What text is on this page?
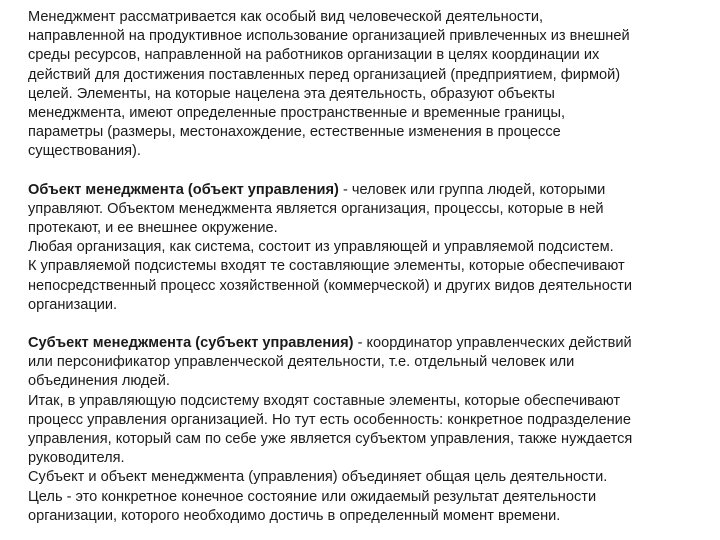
Менеджмент рассматривается как особый вид человеческой деятельности,
направленной на продуктивное использование организацией привлеченных из внешней
среды ресурсов, направленной на работников организации в целях координации их
действий для достижения поставленных перед организацией (предприятием, фирмой)
целей. Элементы, на которые нацелена эта деятельность, образуют объекты
менеджмента, имеют определенные пространственные и временные границы,
параметры (размеры, местонахождение, естественные изменения в процессе
существования).
Объект менеджмента (объект управления) - человек или группа людей, которыми
управляют. Объектом менеджмента является организация, процессы, которые в ней
протекают, и ее внешнее окружение.
Любая организация, как система, состоит из управляющей и управляемой подсистем.
К управляемой подсистемы входят те составляющие элементы, которые обеспечивают
непосредственный процесс хозяйственной (коммерческой) и других видов деятельности
организации.
Субъект менеджмента (субъект управления) - координатор управленческих действий
или персонификатор управленческой деятельности, т.е. отдельный человек или
объединения людей.
Итак, в управляющую подсистему входят составные элементы, которые обеспечивают
процесс управления организацией. Но тут есть особенность: конкретное подразделение
управления, который сам по себе уже является субъектом управления, также нуждается
руководителя.
Субъект и объект менеджмента (управления) объединяет общая цель деятельности.
Цель - это конкретное конечное состояние или ожидаемый результат деятельности
организации, которого необходимо достичь в определенный момент времени.
